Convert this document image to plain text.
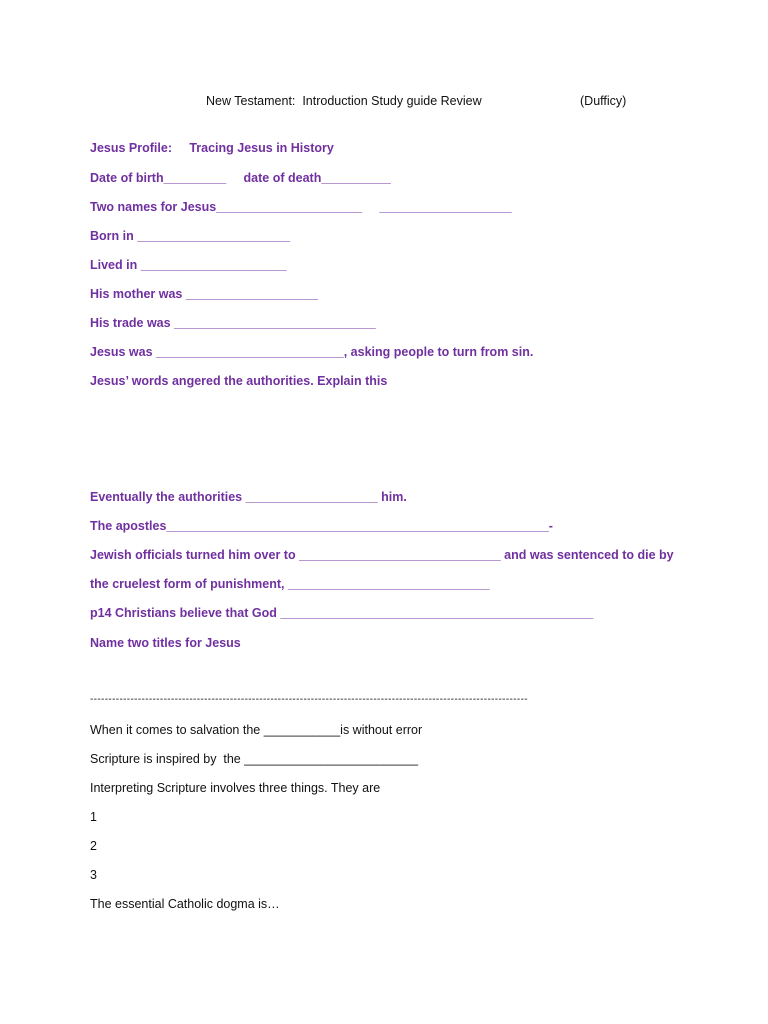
New Testament:  Introduction Study guide Review	(Dufficy)
Jesus Profile:     Tracing Jesus in History
Date of birth_________     date of death__________
Two names for Jesus_____________________     ___________________
Born in ______________________
Lived in _____________________
His mother was ___________________
His trade was _____________________________
Jesus was ___________________________, asking people to turn from sin.
Jesus’ words angered the authorities. Explain this
Eventually the authorities ___________________ him.
The apostles_______________________________________________________-
Jewish officials turned him over to _____________________________ and was sentenced to die by
the cruelest form of punishment, _____________________________
p14 Christians believe that God _____________________________________________
Name two titles for Jesus
-----------------------------------------------------------------------------------------------------------------------
When it comes to salvation the ___________is without error
Scripture is inspired by  the _________________________
Interpreting Scripture involves three things. They are
1
2
3
The essential Catholic dogma is…
